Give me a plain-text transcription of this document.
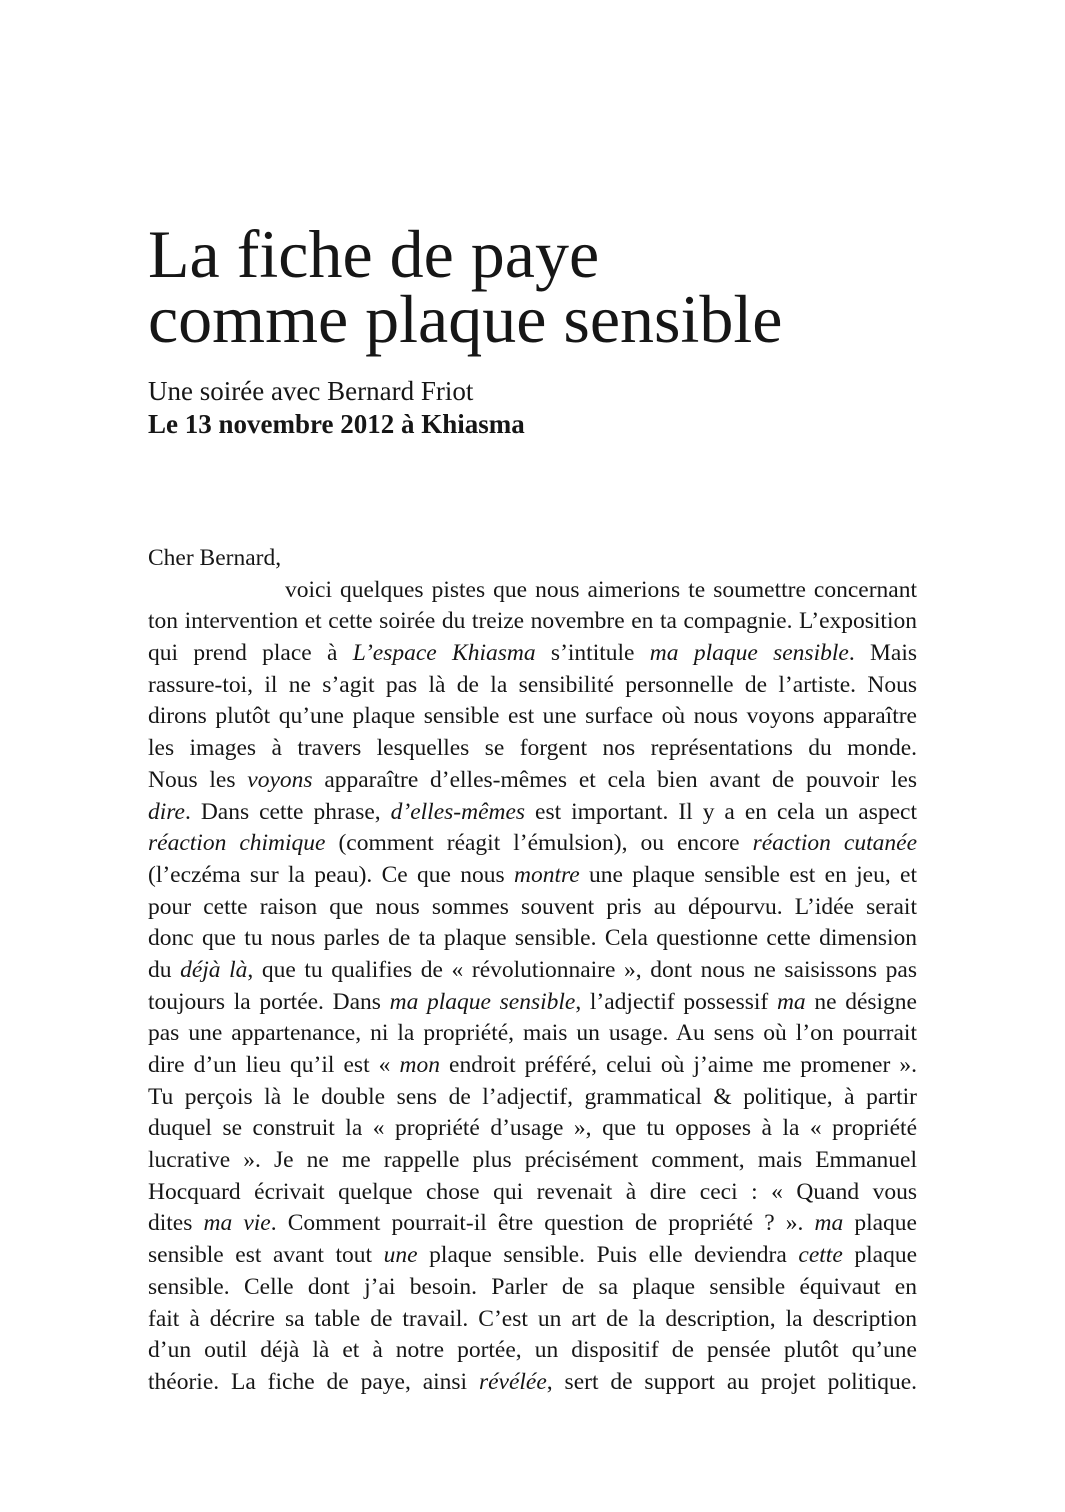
La fiche de paye
comme plaque sensible
Une soirée avec Bernard Friot
Le 13 novembre 2012 à Khiasma
Cher Bernard,
voici quelques pistes que nous aimerions te soumettre concernant
ton intervention et cette soirée du treize novembre en ta compagnie. L’exposition
qui prend place à L’espace Khiasma s’intitule ma plaque sensible. Mais
rassure-toi, il ne s’agit pas là de la sensibilité personnelle de l’artiste. Nous
dirons plutôt qu’une plaque sensible est une surface où nous voyons apparaître
les images à travers lesquelles se forgent nos représentations du monde.
Nous les voyons apparaître d’elles-mêmes et cela bien avant de pouvoir les
dire. Dans cette phrase, d’elles-mêmes est important. Il y a en cela un aspect
réaction chimique (comment réagit l’émulsion), ou encore réaction cutanée
(l’eczéma sur la peau). Ce que nous montre une plaque sensible est en jeu, et
pour cette raison que nous sommes souvent pris au dépourvu. L’idée serait
donc que tu nous parles de ta plaque sensible. Cela questionne cette dimension
du déjà là, que tu qualifies de « révolutionnaire », dont nous ne saisissons pas
toujours la portée. Dans ma plaque sensible, l’adjectif possessif ma ne désigne
pas une appartenance, ni la propriété, mais un usage. Au sens où l’on pourrait
dire d’un lieu qu’il est « mon endroit préféré, celui où j’aime me promener ».
Tu perçois là le double sens de l’adjectif, grammatical & politique, à partir
duquel se construit la « propriété d’usage », que tu opposes à la « propriété
lucrative ». Je ne me rappelle plus précisément comment, mais Emmanuel
Hocquard écrivait quelque chose qui revenait à dire ceci : « Quand vous
dites ma vie. Comment pourrait-il être question de propriété ? ». ma plaque
sensible est avant tout une plaque sensible. Puis elle deviendra cette plaque
sensible. Celle dont j’ai besoin. Parler de sa plaque sensible équivaut en
fait à décrire sa table de travail. C’est un art de la description, la description
d’un outil déjà là et à notre portée, un dispositif de pensée plutôt qu’une
théorie. La fiche de paye, ainsi révélée, sert de support au projet politique.
